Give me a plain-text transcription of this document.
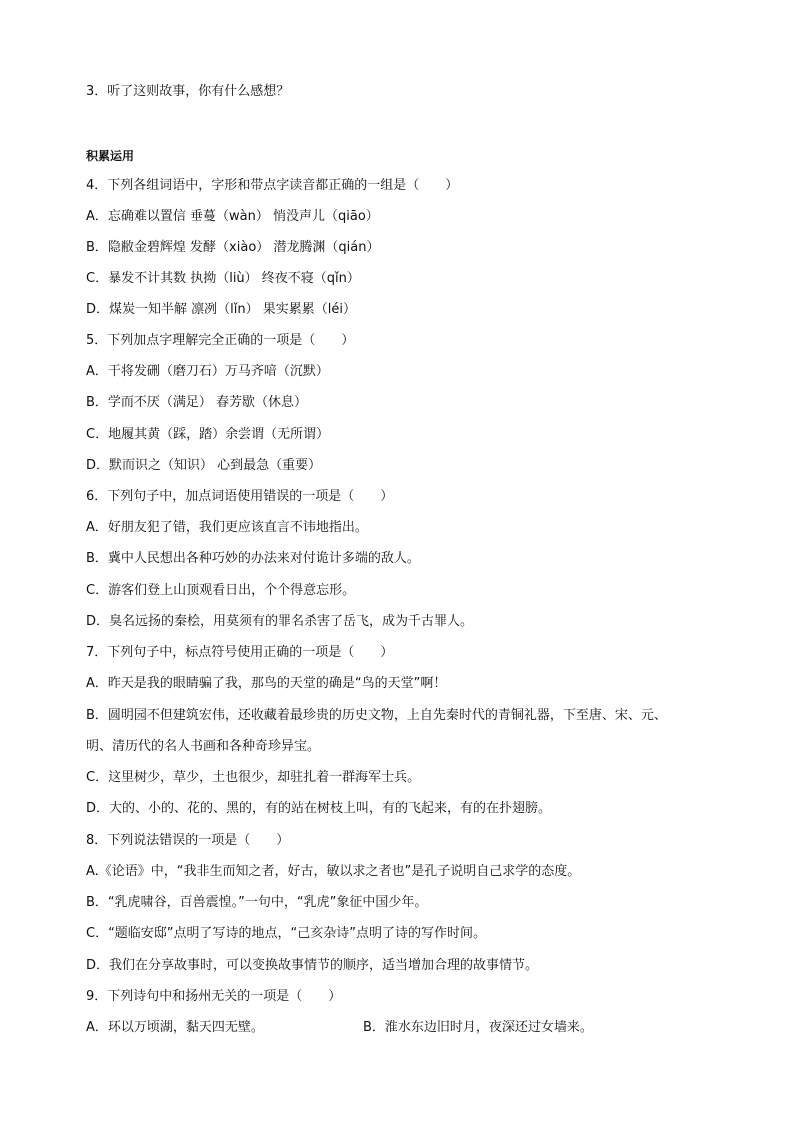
3．听了这则故事，你有什么感想？
积累运用
4．下列各组词语中，字形和带点字读音都正确的一组是（　　）
A．忘确难以置信 垂蔓（wàn） 悄没声儿（qiāo）
B．隐敝金碧辉煌 发酵（xiào） 潜龙腾渊（qián）
C．暴发不计其数 执拗（liù） 终夜不寝（qǐn）
D．煤炭一知半解 凛冽（lǐn） 果实累累（léi）
5．下列加点字理解完全正确的一项是（　　）
A．干将发硎（磨刀石）万马齐喑（沉默）
B．学而不厌（满足） 春芳歇（休息）
C．地履其黄（踩，踏）余尝谓（无所谓）
D．默而识之（知识） 心到最急（重要）
6．下列句子中，加点词语使用错误的一项是（　　）
A．好朋友犯了错，我们更应该直言不讳地指出。
B．冀中人民想出各种巧妙的办法来对付诡计多端的敌人。
C．游客们登上山顶观看日出，个个得意忘形。
D．臭名远扬的秦桧，用莫须有的罪名杀害了岳飞，成为千古罪人。
7．下列句子中，标点符号使用正确的一项是（　　）
A．昨天是我的眼睛骗了我，那鸟的天堂的确是“鸟的天堂”啊！
B．圆明园不但建筑宏伟，还收藏着最珍贵的历史文物，上自先秦时代的青铜礼器，下至唐、宋、元、
明、清历代的名人书画和各种奇珍异宝。
C．这里树少，草少，土也很少，却驻扎着一群海军士兵。
D．大的、小的、花的、黑的，有的站在树枝上叫，有的飞起来，有的在扑翅膀。
8．下列说法错误的一项是（　　）
A.《论语》中，“我非生而知之者，好古，敏以求之者也”是孔子说明自己求学的态度。
B．“乳虎啸谷，百兽震惶。”一句中，“乳虎”象征中国少年。
C．“题临安邸”点明了写诗的地点，“己亥杂诗”点明了诗的写作时间。
D．我们在分享故事时，可以变换故事情节的顺序，适当增加合理的故事情节。
9．下列诗句中和扬州无关的一项是（　　）
A．环以万顷湖，黏天四无壁。	B．淮水东边旧时月，夜深还过女墙来。
